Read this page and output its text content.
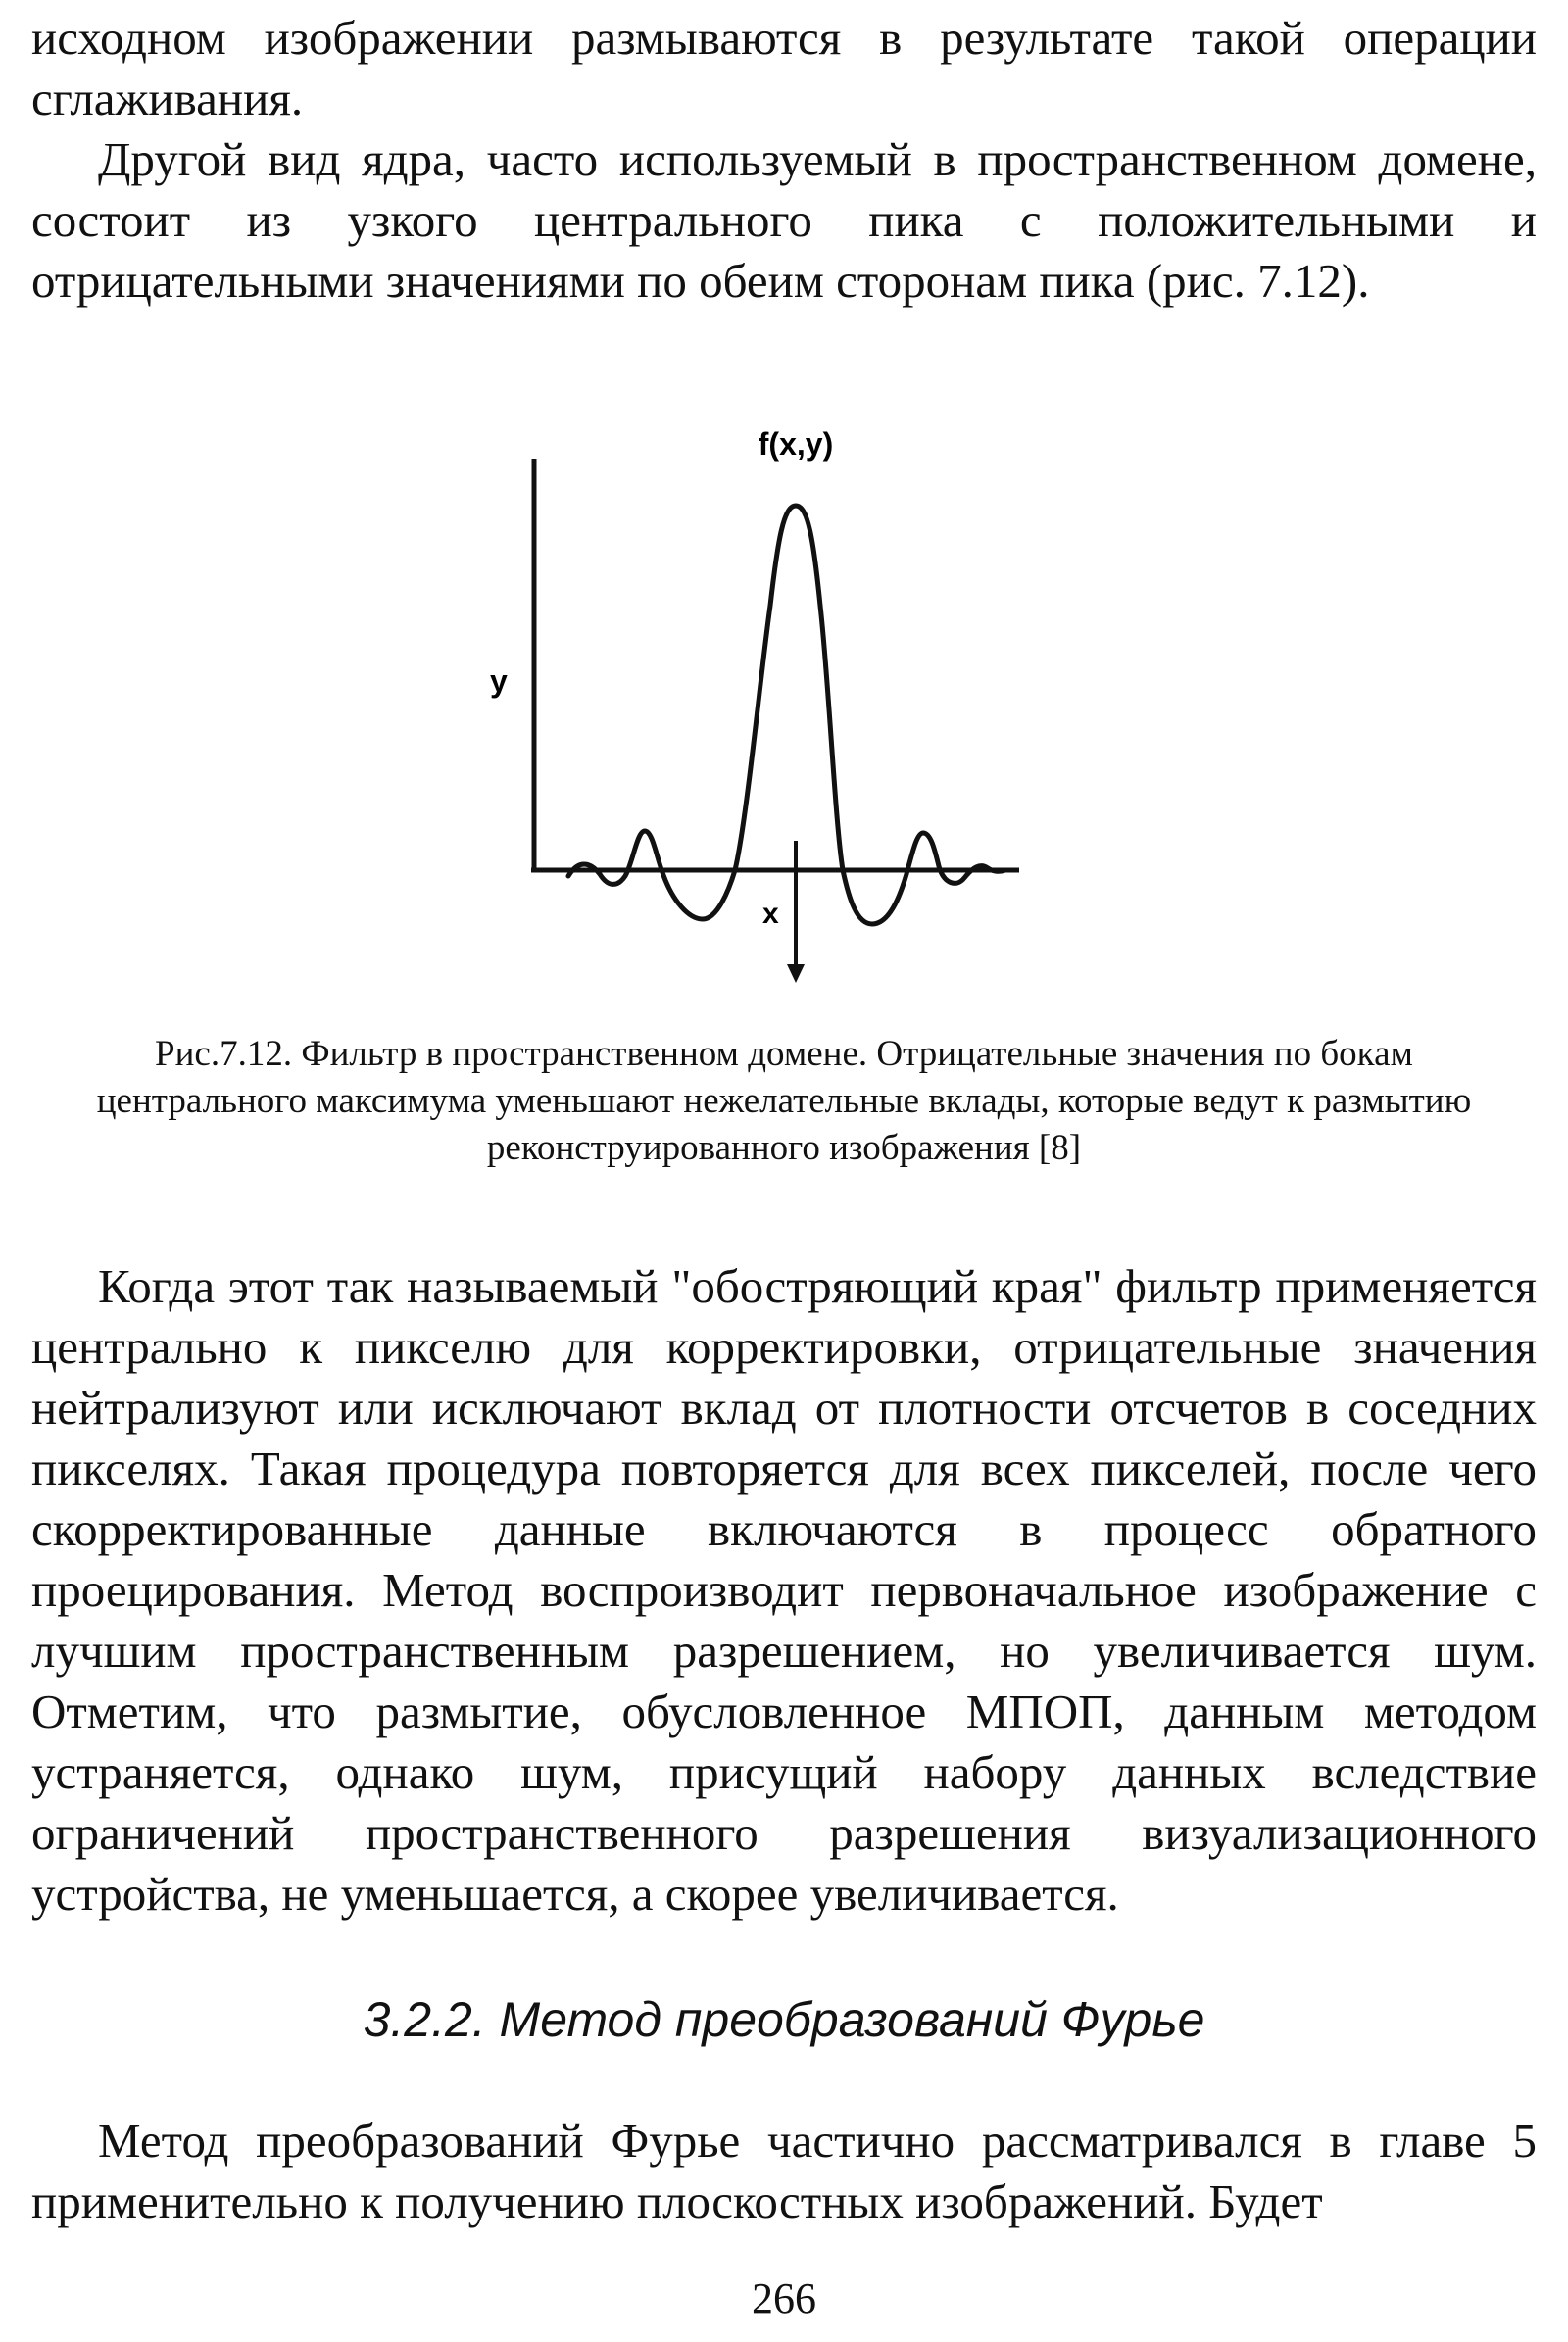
исходном изображении размываются в результате такой операции сглаживания.

Другой вид ядра, часто используемый в пространственном домене, состоит из узкого центрального пика с положительными и отрицательными значениями по обеим сторонам пика (рис. 7.12).

f(x,y)
y
x

Рис.7.12. Фильтр в пространственном домене. Отрицательные значения по бокам центрального максимума уменьшают нежелательные вклады, которые ведут к размытию реконструированного изображения [8]

Когда этот так называемый "обостряющий края" фильтр применяется центрально к пикселю для корректировки, отрицательные значения нейтрализуют или исключают вклад от плотности отсчетов в соседних пикселях. Такая процедура повторяется для всех пикселей, после чего скорректированные данные включаются в процесс обратного проецирования. Метод воспроизводит первоначальное изображение с лучшим пространственным разрешением, но увеличивается шум. Отметим, что размытие, обусловленное МПОП, данным методом устраняется, однако шум, присущий набору данных вследствие ограничений пространственного разрешения визуализационного устройства, не уменьшается, а скорее увеличивается.

3.2.2. Метод преобразований Фурье

Метод преобразований Фурье частично рассматривался в главе 5 применительно к получению плоскостных изображений. Будет

266
